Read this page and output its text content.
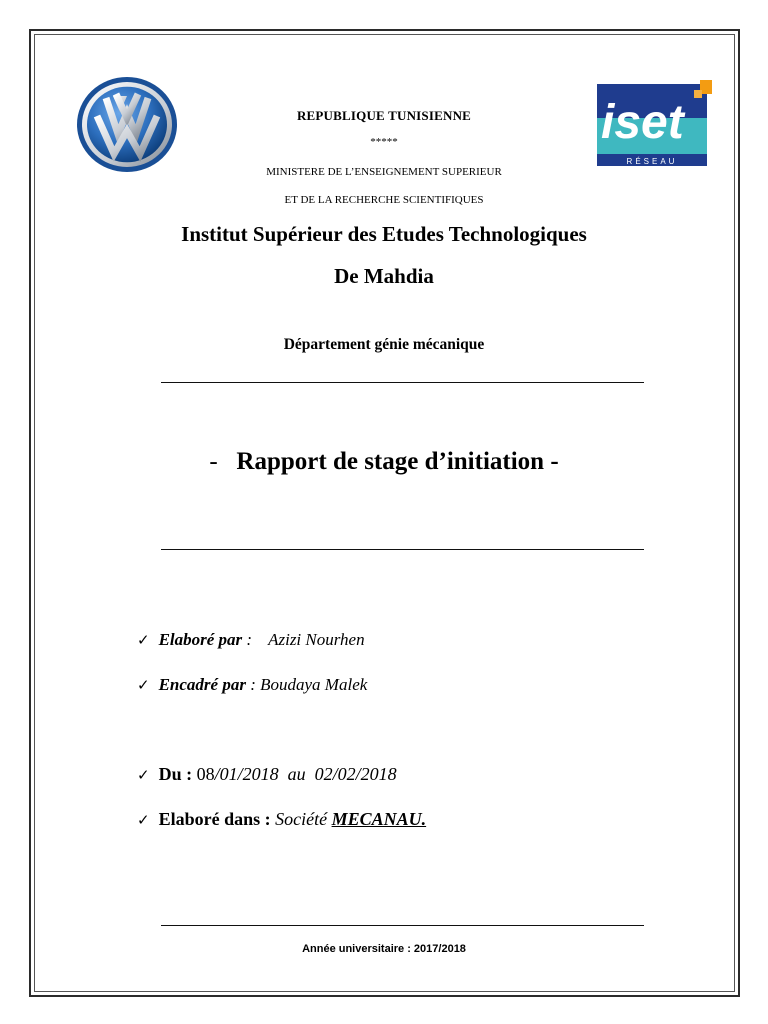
iset
RÉSEAU
REPUBLIQUE TUNISIENNE
*****
MINISTERE DE L’ENSEIGNEMENT SUPERIEUR
ET DE LA RECHERCHE SCIENTIFIQUES
Institut Supérieur des Etudes Technologiques
De Mahdia
Département génie mécanique
- Rapport de stage d’initiation -
✓ Elaboré par : Azizi Nourhen
✓ Encadré par : Boudaya Malek
✓ Du : 08/01/2018 au 02/02/2018
✓ Elaboré dans : Société MECANAU.
Année universitaire : 2017/2018
